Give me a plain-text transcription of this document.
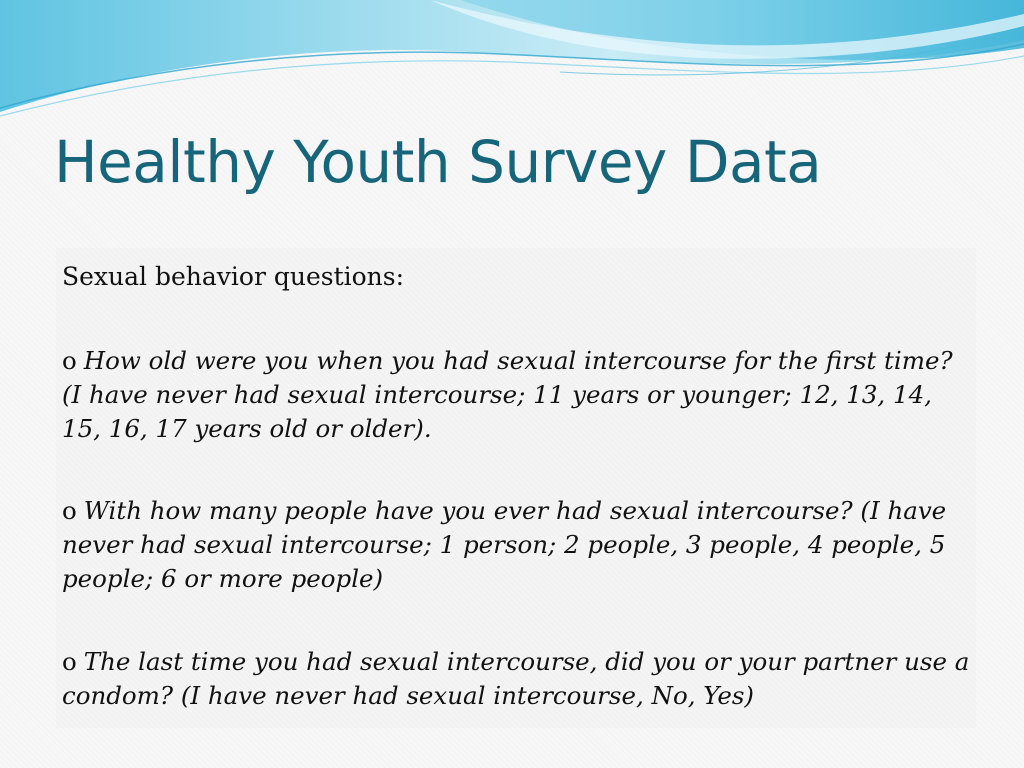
Healthy Youth Survey Data

Sexual behavior questions:

o How old were you when you had sexual intercourse for the first time? (I have never had sexual intercourse; 11 years or younger; 12, 13, 14, 15, 16, 17 years old or older).

o With how many people have you ever had sexual intercourse? (I have never had sexual intercourse; 1 person; 2 people, 3 people, 4 people, 5 people; 6 or more people)

o The last time you had sexual intercourse, did you or your partner use a condom? (I have never had sexual intercourse, No, Yes)
